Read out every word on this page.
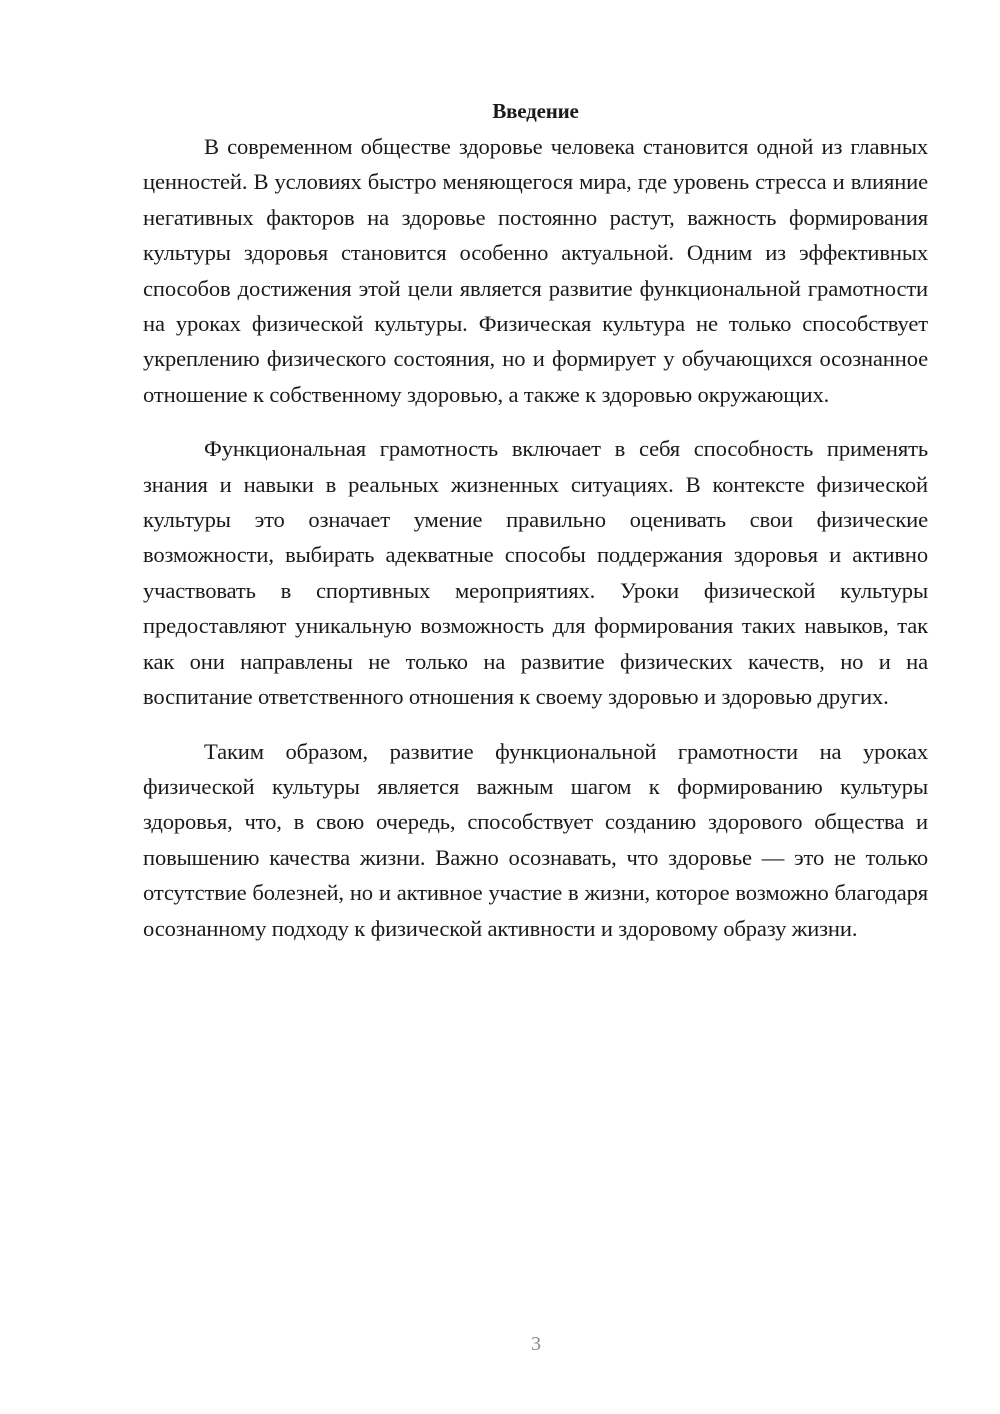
Введение

В современном обществе здоровье человека становится одной из главных ценностей. В условиях быстро меняющегося мира, где уровень стресса и влияние негативных факторов на здоровье постоянно растут, важность формирования культуры здоровья становится особенно актуальной. Одним из эффективных способов достижения этой цели является развитие функциональной грамотности на уроках физической культуры. Физическая культура не только способствует укреплению физического состояния, но и формирует у обучающихся осознанное отношение к собственному здоровью, а также к здоровью окружающих.

Функциональная грамотность включает в себя способность применять знания и навыки в реальных жизненных ситуациях. В контексте физической культуры это означает умение правильно оценивать свои физические возможности, выбирать адекватные способы поддержания здоровья и активно участвовать в спортивных мероприятиях. Уроки физической культуры предоставляют уникальную возможность для формирования таких навыков, так как они направлены не только на развитие физических качеств, но и на воспитание ответственного отношения к своему здоровью и здоровью других.

Таким образом, развитие функциональной грамотности на уроках физической культуры является важным шагом к формированию культуры здоровья, что, в свою очередь, способствует созданию здорового общества и повышению качества жизни. Важно осознавать, что здоровье — это не только отсутствие болезней, но и активное участие в жизни, которое возможно благодаря осознанному подходу к физической активности и здоровому образу жизни.

3
